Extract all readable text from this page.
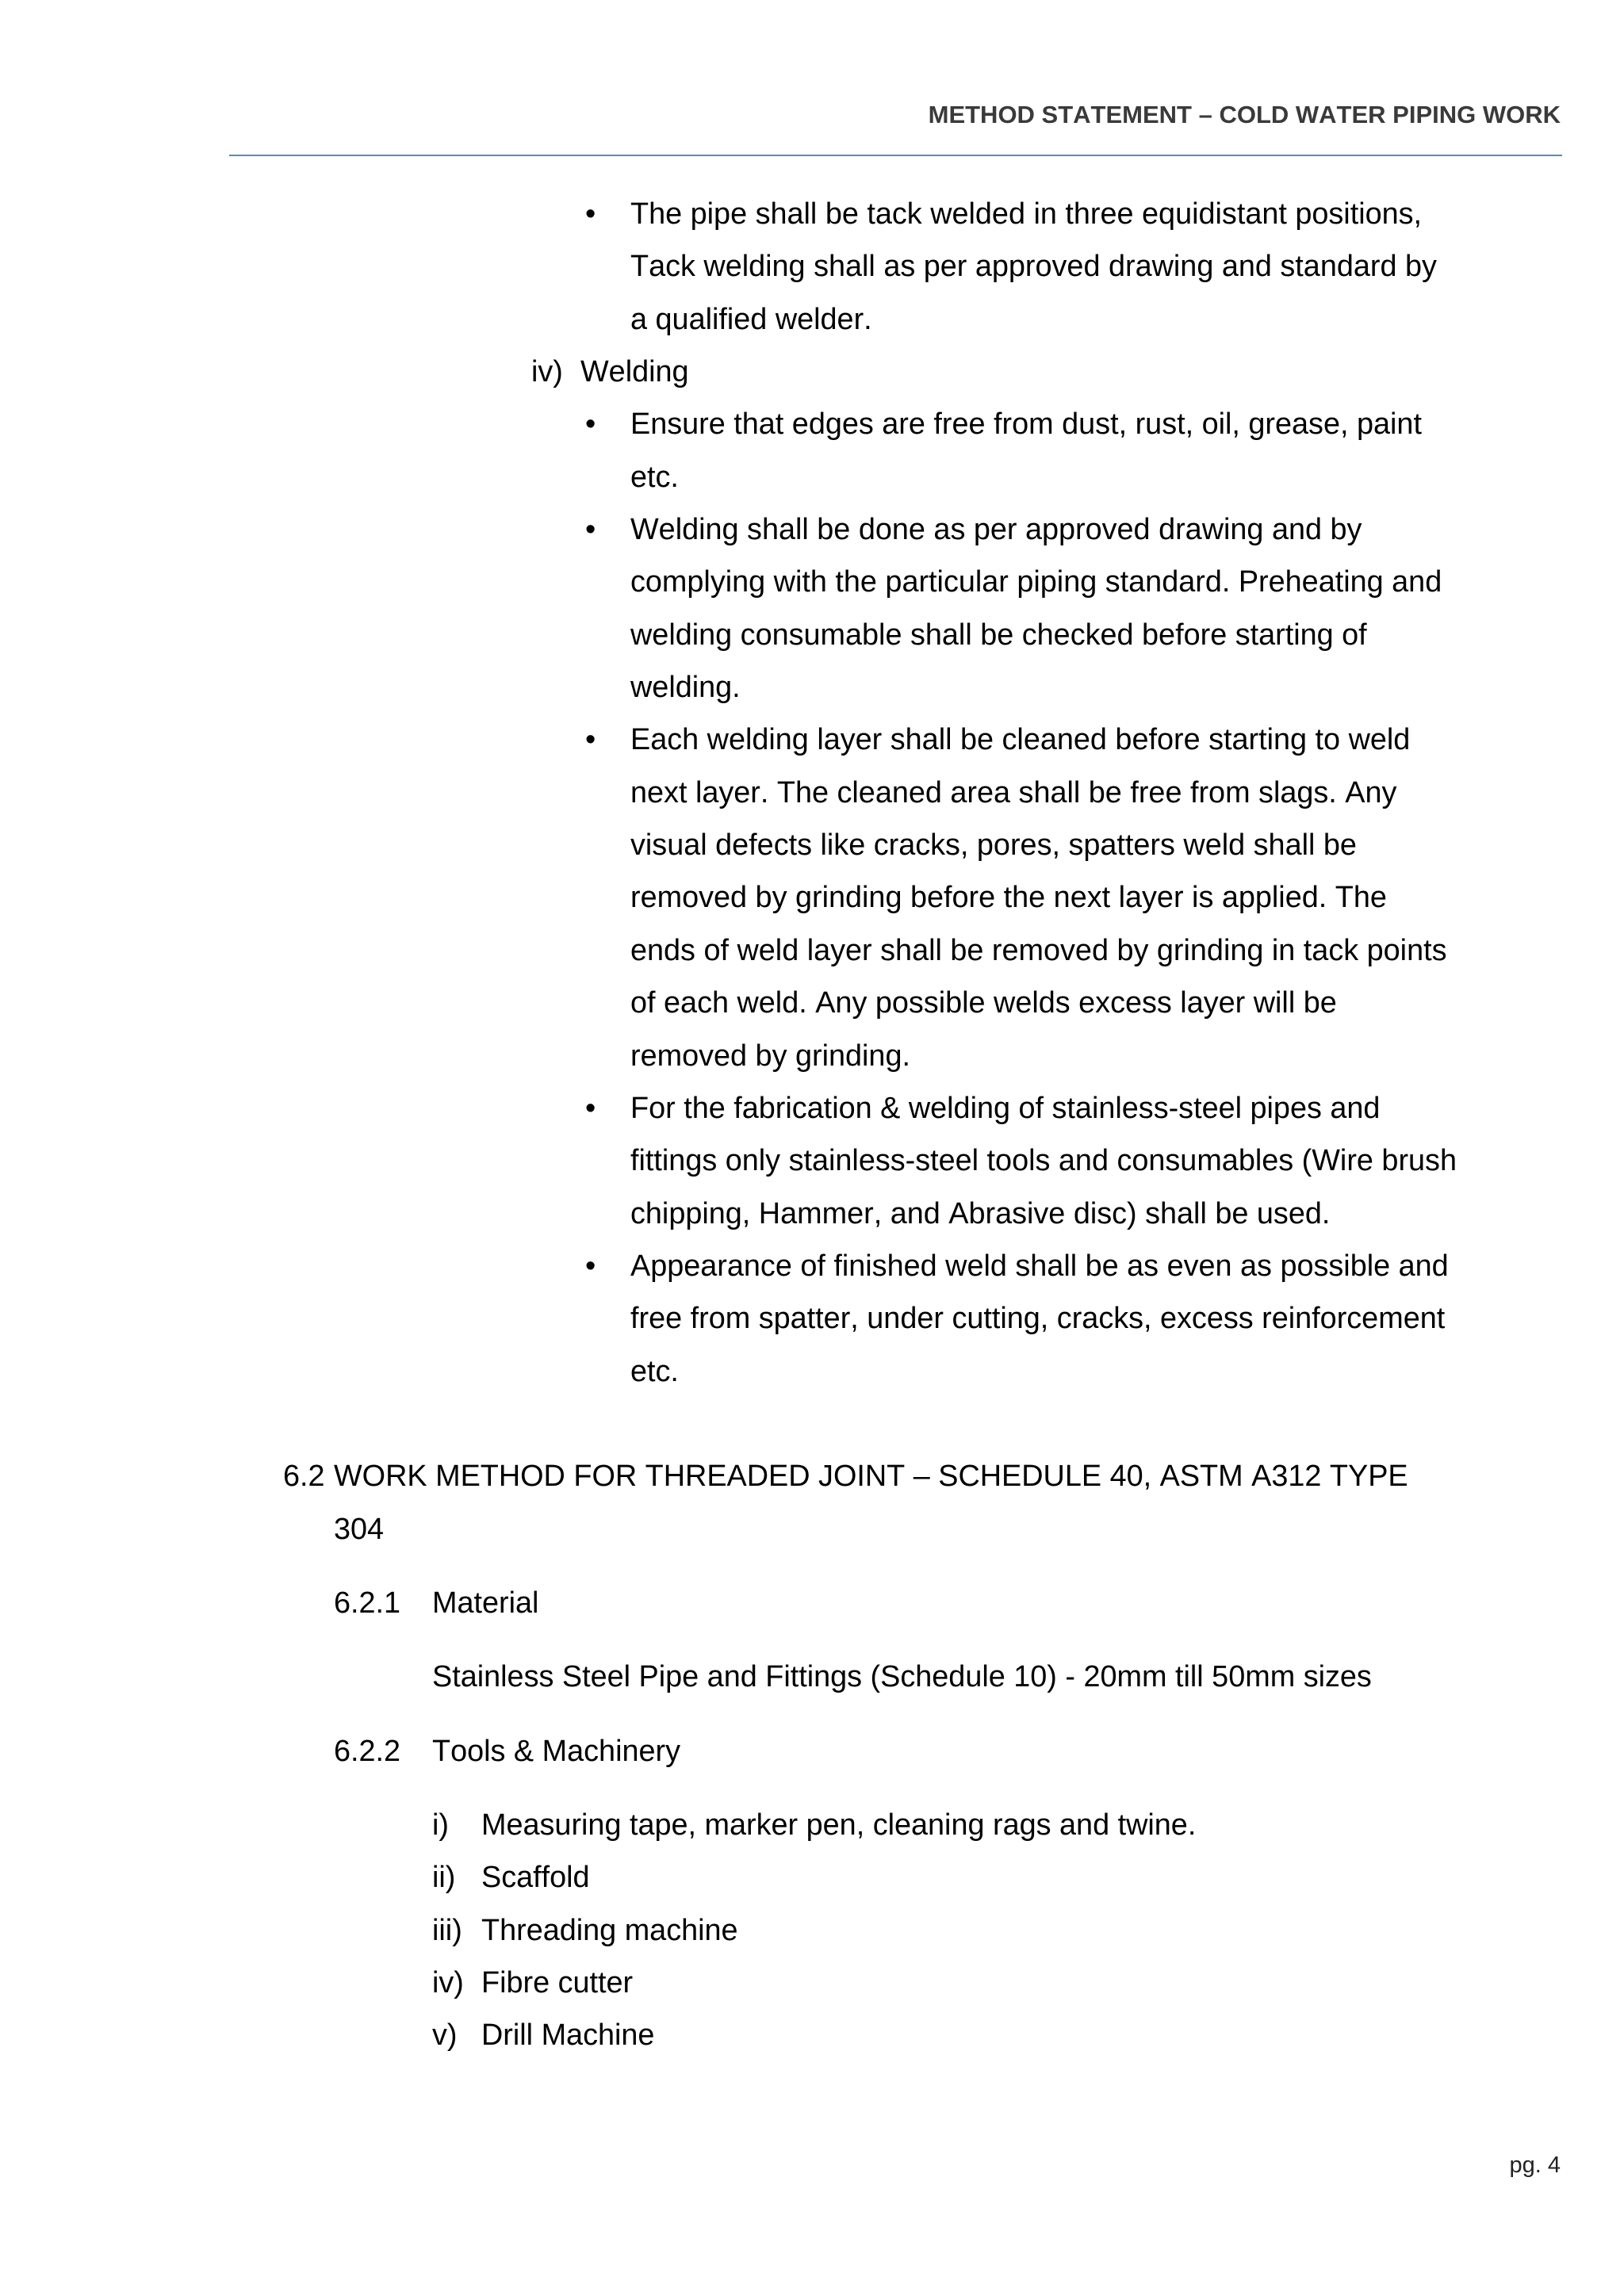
METHOD STATEMENT – COLD WATER PIPING WORK
•
The pipe shall be tack welded in three equidistant positions, Tack welding shall as per approved drawing and standard by a qualified welder.
iv) Welding
•
Ensure that edges are free from dust, rust, oil, grease, paint etc.
•
Welding shall be done as per approved drawing and by complying with the particular piping standard. Preheating and welding consumable shall be checked before starting of welding.
•
Each welding layer shall be cleaned before starting to weld next layer. The cleaned area shall be free from slags. Any visual defects like cracks, pores, spatters weld shall be removed by grinding before the next layer is applied. The ends of weld layer shall be removed by grinding in tack points of each weld. Any possible welds excess layer will be removed by grinding.
•
For the fabrication & welding of stainless-steel pipes and fittings only stainless-steel tools and consumables (Wire brush chipping, Hammer, and Abrasive disc) shall be used.
•
Appearance of finished weld shall be as even as possible and free from spatter, under cutting, cracks, excess reinforcement etc.
6.2 WORK METHOD FOR THREADED JOINT – SCHEDULE 40, ASTM A312 TYPE 304
6.2.1	Material
Stainless Steel Pipe and Fittings (Schedule 10) - 20mm till 50mm sizes
6.2.2	Tools & Machinery
i)	Measuring tape, marker pen, cleaning rags and twine.
ii) Scaffold
iii) Threading machine
iv) Fibre cutter
v) Drill Machine
pg. 4
